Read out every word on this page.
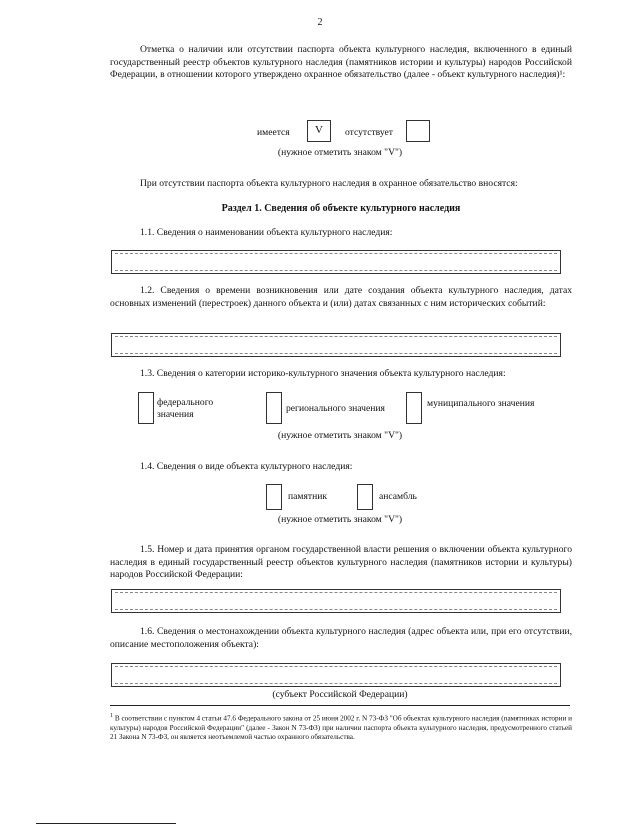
2
Отметка о наличии или отсутствии паспорта объекта культурного наследия, включенного в единый государственный реестр объектов культурного наследия (памятников истории и культуры) народов Российской Федерации, в отношении которого утверждено охранное обязательство (далее - объект культурного наследия)¹:
имеется	V	отсутствует
(нужное отметить знаком "V")
При отсутствии паспорта объекта культурного наследия в охранное обязательство вносятся:
Раздел 1. Сведения об объекте культурного наследия
1.1. Сведения о наименовании объекта культурного наследия:
1.2. Сведения о времени возникновения или дате создания объекта культурного наследия, датах основных изменений (перестроек) данного объекта и (или) датах связанных с ним исторических событий:
1.3. Сведения о категории историко-культурного значения объекта культурного наследия:
федерального
значения	регионального значения	муниципального значения
(нужное отметить знаком "V")
1.4. Сведения о виде объекта культурного наследия:
памятник	ансамбль
(нужное отметить знаком "V")
1.5. Номер и дата принятия органом государственной власти решения о включении объекта культурного наследия в единый государственный реестр объектов культурного наследия (памятников истории и культуры) народов Российской Федерации:
1.6. Сведения о местонахождении объекта культурного наследия (адрес объекта или, при его отсутствии, описание местоположения объекта):
(субъект Российской Федерации)
$^1$ В соответствии с пунктом 4 статьи 47.6 Федерального закона от 25 июня 2002 г. N 73-ФЗ "Об объектах культурного наследия (памятниках истории и культуры) народов Российской Федерации" (далее - Закон N 73-ФЗ) при наличии паспорта объекта культурного наследия, предусмотренного статьей 21 Закона N 73-ФЗ, он является неотъемлемой частью охранного обязательства.
